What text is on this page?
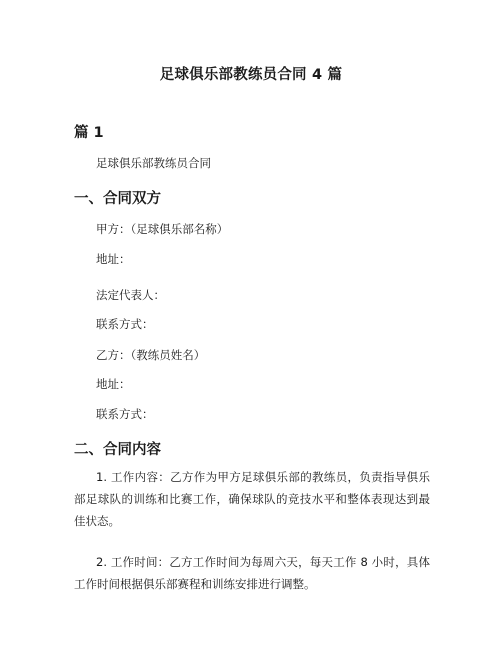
足球俱乐部教练员合同 4 篇
篇 1
足球俱乐部教练员合同
一、合同双方
甲方：（足球俱乐部名称）
地址：
法定代表人：
联系方式：
乙方：（教练员姓名）
地址：
联系方式：
二、合同内容

1. 工作内容：乙方作为甲方足球俱乐部的教练员，负责指导俱乐部足球队的训练和比赛工作，确保球队的竞技水平和整体表现达到最佳状态。

2. 工作时间：乙方工作时间为每周六天，每天工作 8 小时，具体工作时间根据俱乐部赛程和训练安排进行调整。
